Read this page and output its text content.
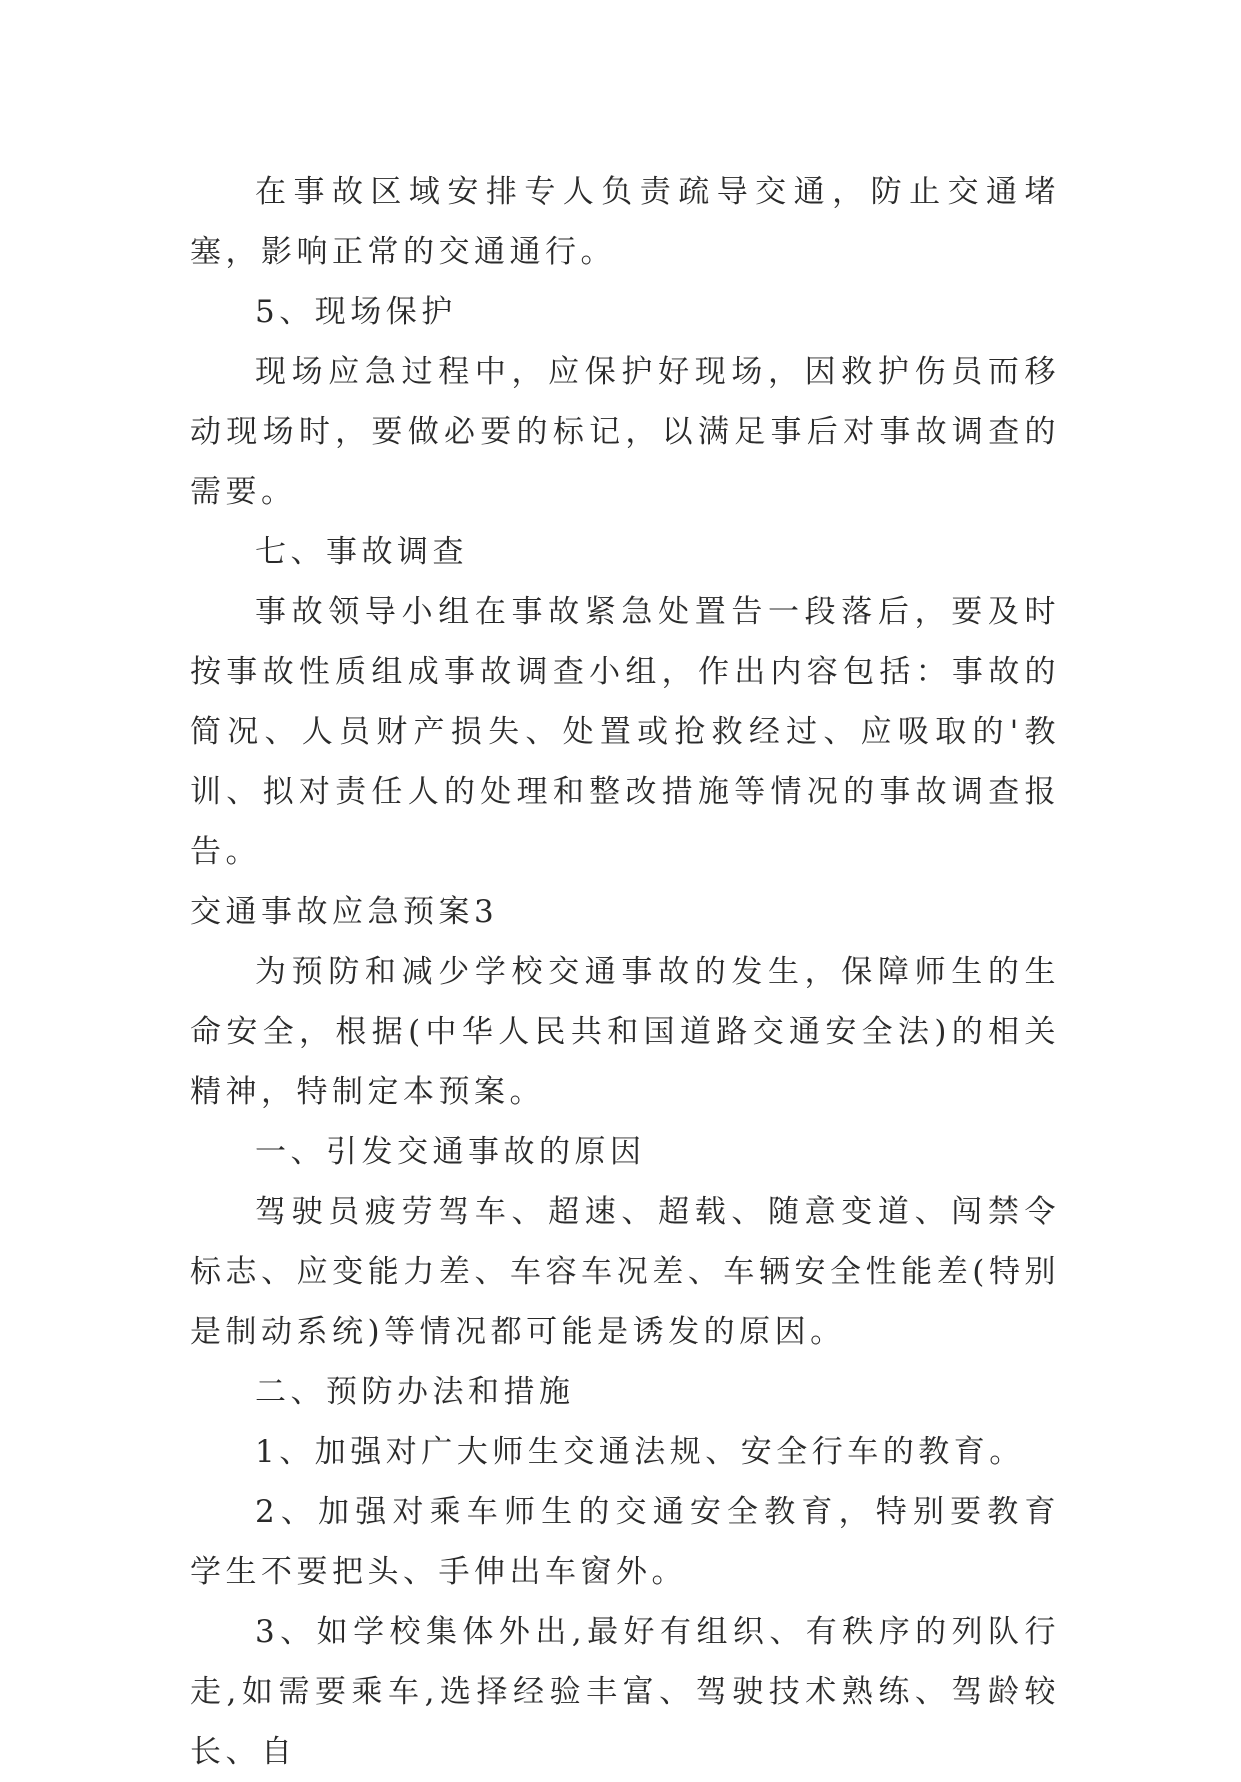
在事故区域安排专人负责疏导交通，防止交通堵塞，影响正常的交通通行。

5、现场保护

现场应急过程中，应保护好现场，因救护伤员而移动现场时，要做必要的标记，以满足事后对事故调查的需要。

七、事故调查

事故领导小组在事故紧急处置告一段落后，要及时按事故性质组成事故调查小组，作出内容包括：事故的简况、人员财产损失、处置或抢救经过、应吸取的'教训、拟对责任人的处理和整改措施等情况的事故调查报告。

交通事故应急预案3

为预防和减少学校交通事故的发生，保障师生的生命安全，根据(中华人民共和国道路交通安全法)的相关精神，特制定本预案。

一、引发交通事故的原因

驾驶员疲劳驾车、超速、超载、随意变道、闯禁令标志、应变能力差、车容车况差、车辆安全性能差(特别是制动系统)等情况都可能是诱发的原因。

二、预防办法和措施

1、加强对广大师生交通法规、安全行车的教育。

2、加强对乘车师生的交通安全教育，特别要教育学生不要把头、手伸出车窗外。

3、如学校集体外出,最好有组织、有秩序的列队行走,如需要乘车,选择经验丰富、驾驶技术熟练、驾龄较长、自
